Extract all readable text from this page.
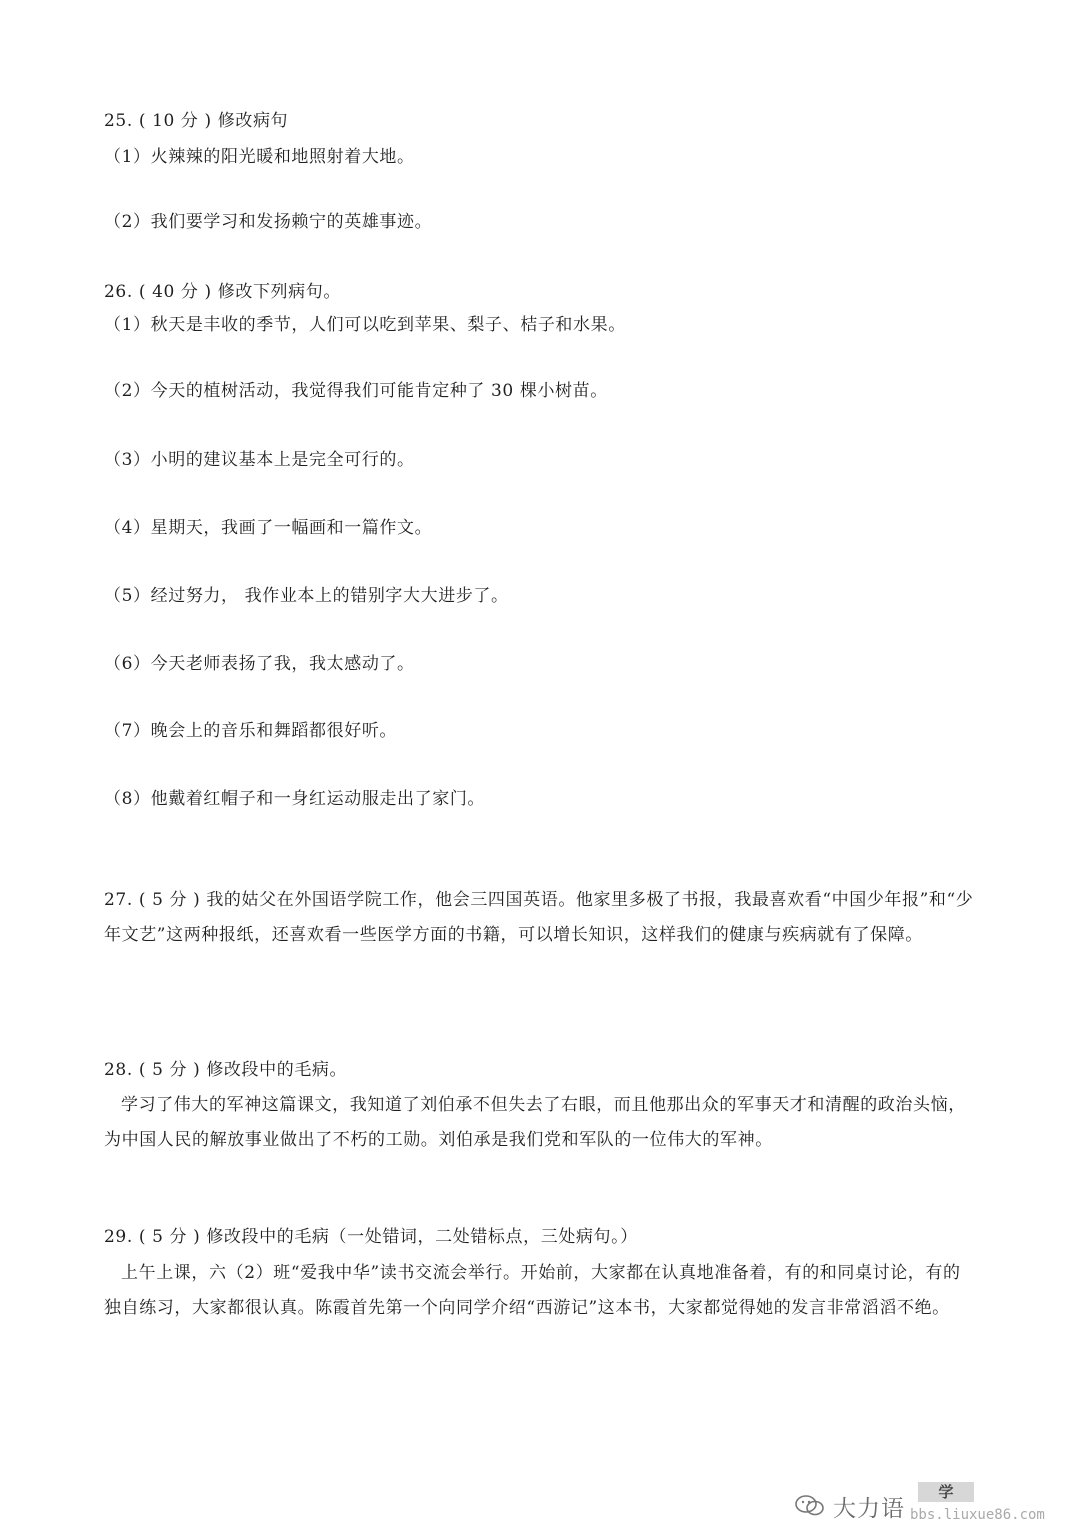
25. ( 10 分 ) 修改病句
（1）火辣辣的阳光暖和地照射着大地。
（2）我们要学习和发扬赖宁的英雄事迹。
26. ( 40 分 ) 修改下列病句。
（1）秋天是丰收的季节，人们可以吃到苹果、梨子、桔子和水果。
（2）今天的植树活动，我觉得我们可能肯定种了 30 棵小树苗。
（3）小明的建议基本上是完全可行的。
（4）星期天，我画了一幅画和一篇作文。
（5）经过努力， 我作业本上的错别字大大进步了。
（6）今天老师表扬了我，我太感动了。
（7）晚会上的音乐和舞蹈都很好听。
（8）他戴着红帽子和一身红运动服走出了家门。
27. ( 5 分 ) 我的姑父在外国语学院工作，他会三四国英语。他家里多极了书报，我最喜欢看“中国少年报”和“少年文艺”这两种报纸，还喜欢看一些医学方面的书籍，可以增长知识，这样我们的健康与疾病就有了保障。
28. ( 5 分 ) 修改段中的毛病。
学习了伟大的军神这篇课文，我知道了刘伯承不但失去了右眼，而且他那出众的军事天才和清醒的政治头恼，为中国人民的解放事业做出了不朽的工勋。刘伯承是我们党和军队的一位伟大的军神。
29. ( 5 分 ) 修改段中的毛病（一处错词，二处错标点，三处病句。）
上午上课，六（2）班“爱我中华”读书交流会举行。开始前，大家都在认真地准备着，有的和同桌讨论，有的独自练习，大家都很认真。陈霞首先第一个向同学介绍“西游记”这本书，大家都觉得她的发言非常滔滔不绝。
大力语
学
bbs.liuxue86.com
